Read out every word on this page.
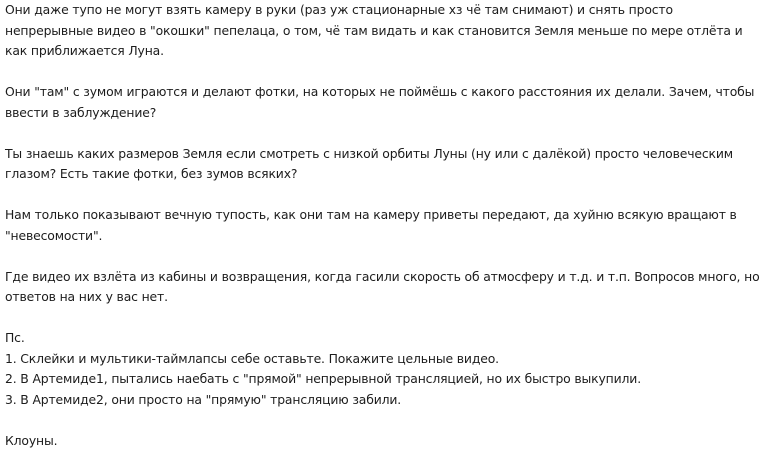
Они даже тупо не могут взять камеру в руки (раз уж стационарные хз чё там снимают) и снять просто
непрерывные видео в "окошки" пепелаца, о том, чё там видать и как становится Земля меньше по мере отлёта и
как приближается Луна.

Они "там" с зумом играются и делают фотки, на которых не поймёшь с какого расстояния их делали. Зачем, чтобы
ввести в заблуждение?

Ты знаешь каких размеров Земля если смотреть с низкой орбиты Луны (ну или с далёкой) просто человеческим
глазом? Есть такие фотки, без зумов всяких?

Нам только показывают вечную тупость, как они там на камеру приветы передают, да хуйню всякую вращают в
"невесомости".

Где видео их взлёта из кабины и возвращения, когда гасили скорость об атмосферу и т.д. и т.п. Вопросов много, но
ответов на них у вас нет.

Пс.
1. Склейки и мультики-таймлапсы себе оставьте. Покажите цельные видео.
2. В Артемиде1, пытались наебать с "прямой" непрерывной трансляцией, но их быстро выкупили.
3. В Артемиде2, они просто на "прямую" трансляцию забили.

Клоуны.
